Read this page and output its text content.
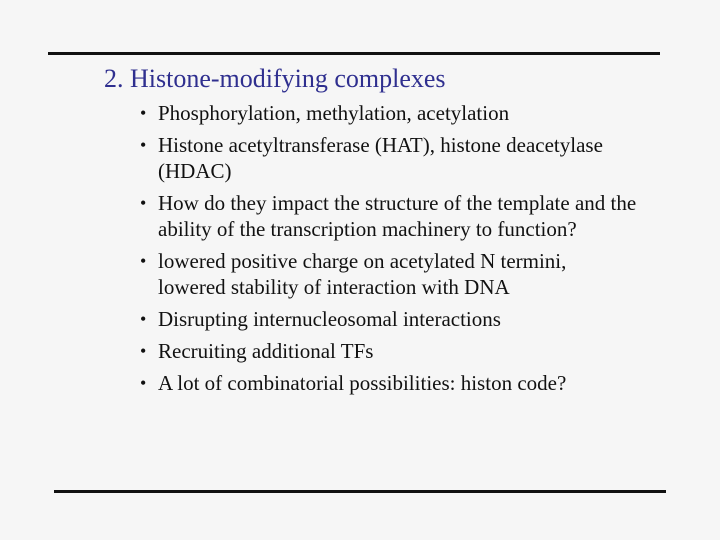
2. Histone-modifying complexes
• Phosphorylation, methylation, acetylation
• Histone acetyltransferase (HAT), histone deacetylase (HDAC)
• How do they impact the structure of the template and the ability of the transcription machinery to function?
• lowered positive charge on acetylated N termini, lowered stability of interaction with DNA
• Disrupting internucleosomal interactions
• Recruiting additional TFs
• A lot of combinatorial possibilities: histon code?
